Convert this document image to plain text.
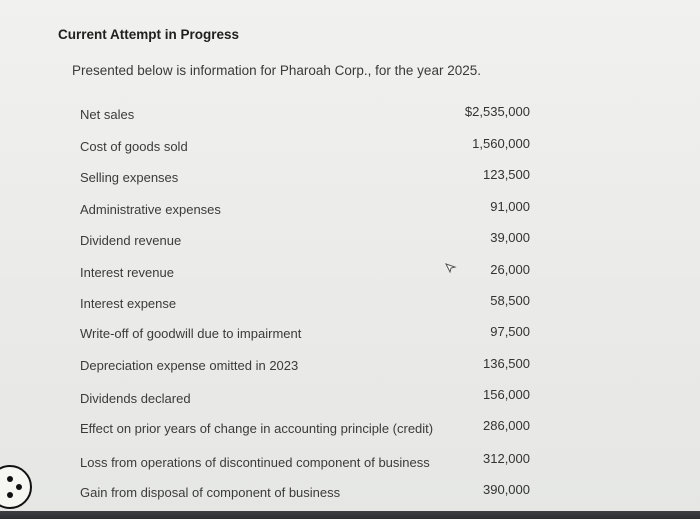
Current Attempt in Progress
Presented below is information for Pharoah Corp., for the year 2025.
Net sales	$2,535,000
Cost of goods sold	1,560,000
Selling expenses	123,500
Administrative expenses	91,000
Dividend revenue	39,000
Interest revenue	26,000
Interest expense	58,500
Write-off of goodwill due to impairment	97,500
Depreciation expense omitted in 2023	136,500
Dividends declared	156,000
Effect on prior years of change in accounting principle (credit)	286,000
Loss from operations of discontinued component of business	312,000
Gain from disposal of component of business	390,000
